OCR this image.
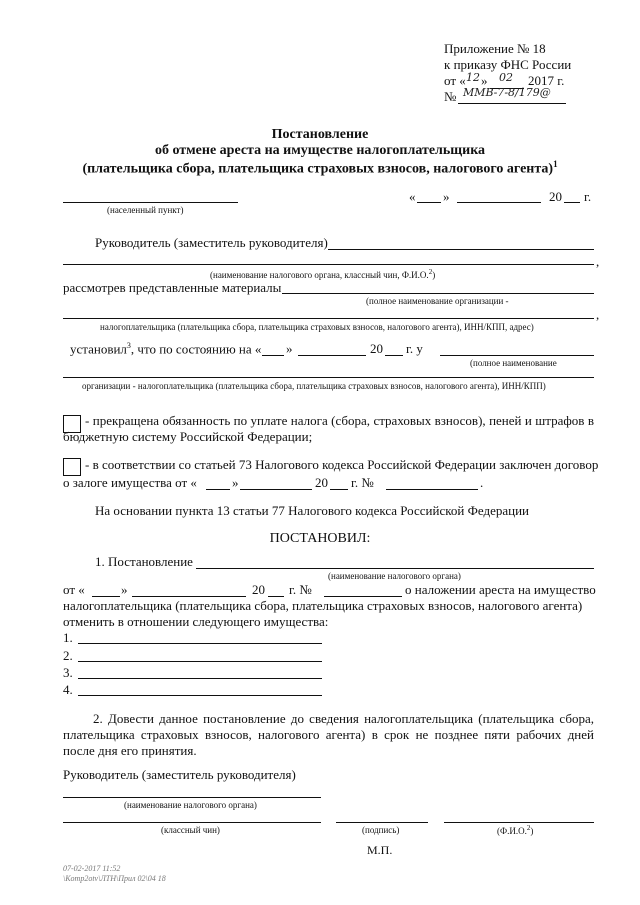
Приложение № 18
к приказу ФНС России
от « 12 » 02 2017 г.
№ ММВ-7-8/179@
Постановление
об отмене ареста на имуществе налогоплательщика
(плательщика сбора, плательщика страховых взносов, налогового агента)$^1$
(населенный пункт)
« »	20 г.
Руководитель (заместитель руководителя)
,
(наименование налогового органа, классный чин, Ф.И.О.$^2$)
рассмотрев представленные материалы
(полное наименование организации -
,
налогоплательщика (плательщика сбора, плательщика страховых взносов, налогового агента), ИНН/КПП, адрес)
установил$^3$, что по состоянию на « »	20 г. у
(полное наименование
организации - налогоплательщика (плательщика сбора, плательщика страховых взносов, налогового агента), ИНН/КПП)
- прекращена обязанность по уплате налога (сбора, страховых взносов), пеней и штрафов в бюджетную систему Российской Федерации;
- в соответствии со статьей 73 Налогового кодекса Российской Федерации заключен договор
о залоге имущества от «	»	20 г. №	.
На основании пункта 13 статьи 77 Налогового кодекса Российской Федерации
ПОСТАНОВИЛ:
1. Постановление
(наименование налогового органа)
от «	»	20 г. №	о наложении ареста на имущество
налогоплательщика (плательщика сбора, плательщика страховых взносов, налогового агента)
отменить в отношении следующего имущества:
1.
2.
3.
4.
2. Довести данное постановление до сведения налогоплательщика (плательщика сбора, плательщика страховых взносов, налогового агента) в срок не позднее пяти рабочих дней после дня его принятия.
Руководитель (заместитель руководителя)
(наименование налогового органа)
(классный чин)	(подпись)	(Ф.И.О.$^2$)
М.П.
07-02-2017 11:52
\Komp2otv\ЛТН\Прил 02\04 18
